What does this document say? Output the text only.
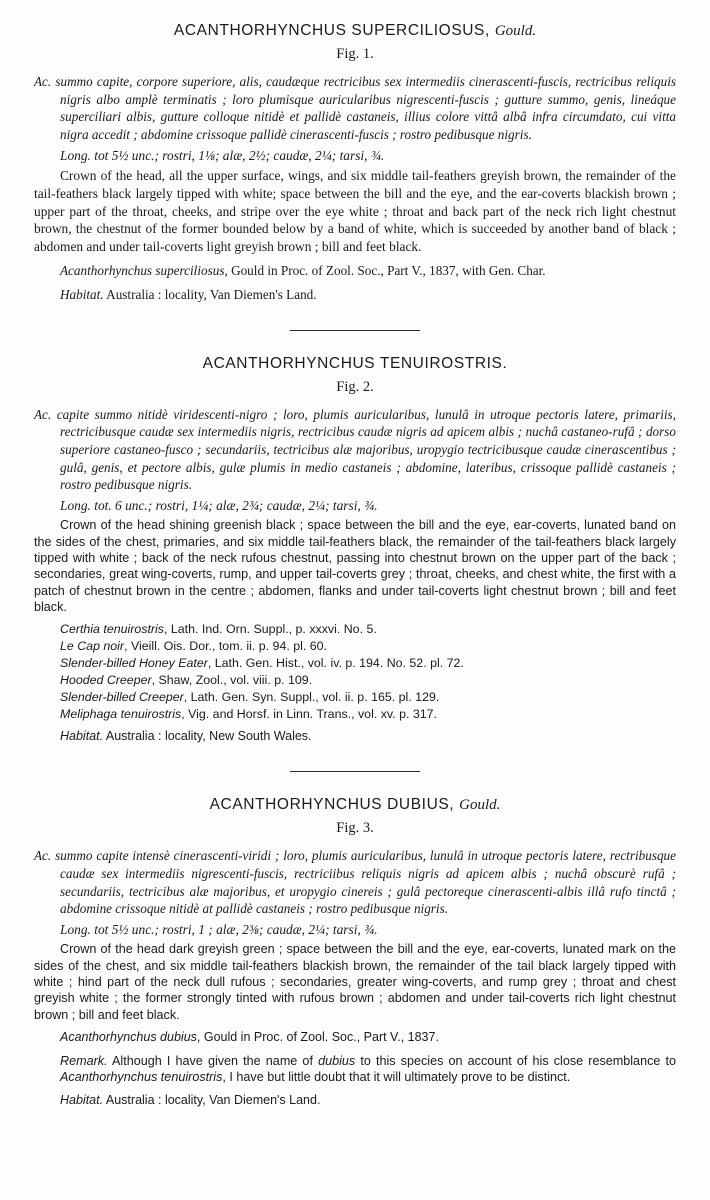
ACANTHORHYNCHUS SUPERCILIOSUS, Gould.
Fig. 1.

Ac. summo capite, corpore superiore, alis, caudæque rectricibus sex intermediis cinerascenti-fuscis, rectricibus reliquis nigris albo amplè terminatis ; loro plumisque auricularibus nigrescenti-fuscis ; gutture summo, genis, lineáque superciliari albis, gutture colloque nitidè et pallidè castaneis, illius colore vittâ albâ infra circumdato, cui vitta nigra accedit ; abdomine crissoque pallidè cinerascenti-fuscis ; rostro pedibusque nigris.

Long. tot 5½ unc.; rostri, 1⅛; alæ, 2½; caudæ, 2¼; tarsi, ¾.

Crown of the head, all the upper surface, wings, and six middle tail-feathers greyish brown, the remainder of the tail-feathers black largely tipped with white; space between the bill and the eye, and the ear-coverts blackish brown ; upper part of the throat, cheeks, and stripe over the eye white ; throat and back part of the neck rich light chestnut brown, the chestnut of the former bounded below by a band of white, which is succeeded by another band of black ; abdomen and under tail-coverts light greyish brown ; bill and feet black.

Acanthorhynchus superciliosus, Gould in Proc. of Zool. Soc., Part V., 1837, with Gen. Char.

Habitat. Australia : locality, Van Diemen's Land.

ACANTHORHYNCHUS TENUIROSTRIS.
Fig. 2.

Ac. capite summo nitidè viridescenti-nigro ; loro, plumis auricularibus, lunulâ in utroque pectoris latere, primariis, rectricibusque caudæ sex intermediis nigris, rectricibus caudæ nigris ad apicem albis ; nuchâ castaneo-rufâ ; dorso superiore castaneo-fusco ; secundariis, tectricibus alæ majoribus, uropygio tectricibusque caudæ cinerascentibus ; gulâ, genis, et pectore albis, gulæ plumis in medio castaneis ; abdomine, lateribus, crissoque pallidè castaneis ; rostro pedibusque nigris.

Long. tot. 6 unc.; rostri, 1¼; alæ, 2¾; caudæ, 2¼; tarsi, ¾.

Crown of the head shining greenish black ; space between the bill and the eye, ear-coverts, lunated band on the sides of the chest, primaries, and six middle tail-feathers black, the remainder of the tail-feathers black largely tipped with white ; back of the neck rufous chestnut, passing into chestnut brown on the upper part of the back ; secondaries, great wing-coverts, rump, and upper tail-coverts grey ; throat, cheeks, and chest white, the first with a patch of chestnut brown in the centre ; abdomen, flanks and under tail-coverts light chestnut brown ; bill and feet black.

Certhia tenuirostris, Lath. Ind. Orn. Suppl., p. xxxvi. No. 5.

Le Cap noir, Vieill. Ois. Dor., tom. ii. p. 94. pl. 60.

Slender-billed Honey Eater, Lath. Gen. Hist., vol. iv. p. 194. No. 52. pl. 72.

Hooded Creeper, Shaw, Zool., vol. viii. p. 109.

Slender-billed Creeper, Lath. Gen. Syn. Suppl., vol. ii. p. 165. pl. 129.

Meliphaga tenuirostris, Vig. and Horsf. in Linn. Trans., vol. xv. p. 317.

Habitat. Australia : locality, New South Wales.

ACANTHORHYNCHUS DUBIUS, Gould.
Fig. 3.

Ac. summo capite intensè cinerascenti-viridi ; loro, plumis auricularibus, lunulâ in utroque pectoris latere, rectribusque caudæ sex intermediis nigrescenti-fuscis, rectriciibus reliquis nigris ad apicem albis ; nuchâ obscurè rufâ ; secundariis, tectricibus alæ majoribus, et uropygio cinereis ; gulâ pectoreque cinerascenti-albis illâ rufo tinctâ ; abdomine crissoque nitidè at pallidè castaneis ; rostro pedibusque nigris.

Long. tot 5½ unc.; rostri, 1 ; alæ, 2⅜; caudæ, 2¼; tarsi, ¾.

Crown of the head dark greyish green ; space between the bill and the eye, ear-coverts, lunated mark on the sides of the chest, and six middle tail-feathers blackish brown, the remainder of the tail black largely tipped with white ; hind part of the neck dull rufous ; secondaries, greater wing-coverts, and rump grey ; throat and chest greyish white ; the former strongly tinted with rufous brown ; abdomen and under tail-coverts rich light chestnut brown ; bill and feet black.

Acanthorhynchus dubius, Gould in Proc. of Zool. Soc., Part V., 1837.

Remark. Although I have given the name of dubius to this species on account of his close resemblance to Acanthorhynchus tenuirostris, I have but little doubt that it will ultimately prove to be distinct.

Habitat. Australia : locality, Van Diemen's Land.
